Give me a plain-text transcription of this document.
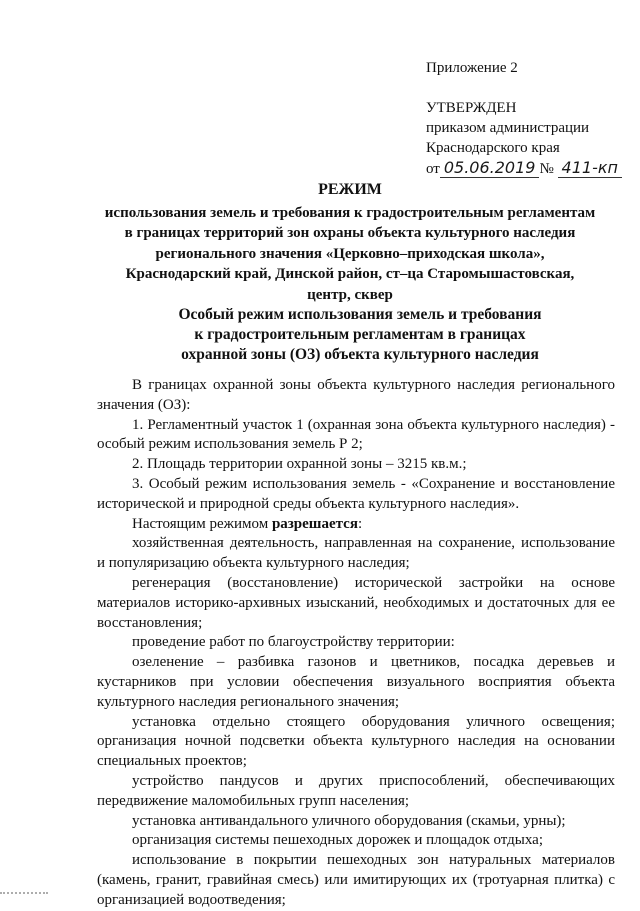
Приложение 2
УТВЕРЖДЕН
приказом администрации
Краснодарского края
от 05.06.2019 № 411-кп
РЕЖИМ
использования земель и требования к градостроительным регламентам
в границах территорий зон охраны объекта культурного наследия
регионального значения «Церковно–приходская школа»,
Краснодарский край, Динской район, ст–ца Старомышастовская,
центр, сквер
Особый режим использования земель и требования
к градостроительным регламентам в границах
охранной зоны (ОЗ) объекта культурного наследия

В границах охранной зоны объекта культурного наследия регионального значения (ОЗ):

1. Регламентный участок 1 (охранная зона объекта культурного наследия) - особый режим использования земель Р 2;

2. Площадь территории охранной зоны – 3215 кв.м.;

3. Особый режим использования земель - «Сохранение и восстановление исторической и природной среды объекта культурного наследия».

Настоящим режимом разрешается:

хозяйственная деятельность, направленная на сохранение, использование и популяризацию объекта культурного наследия;

регенерация (восстановление) исторической застройки на основе материалов историко-архивных изысканий, необходимых и достаточных для ее восстановления;

проведение работ по благоустройству территории:

озеленение – разбивка газонов и цветников, посадка деревьев и кустарников при условии обеспечения визуального восприятия объекта культурного наследия регионального значения;

установка отдельно стоящего оборудования уличного освещения; организация ночной подсветки объекта культурного наследия на основании специальных проектов;

устройство пандусов и других приспособлений, обеспечивающих передвижение маломобильных групп населения;

установка антивандального уличного оборудования (скамьи, урны);

организация системы пешеходных дорожек и площадок отдыха;

использование в покрытии пешеходных зон натуральных материалов (камень, гранит, гравийная смесь) или имитирующих их (тротуарная плитка) с организацией водоотведения;
